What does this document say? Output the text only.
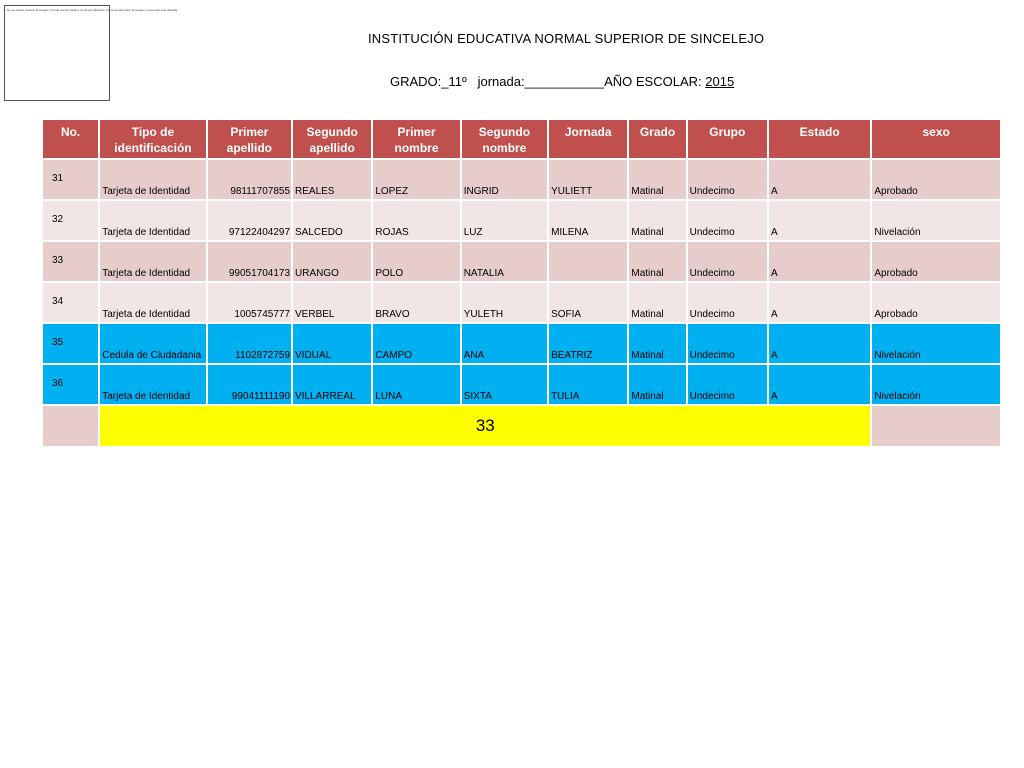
No se puede mostrar la imagen. Puede que su equipo no tenga suficiente memoria para abrir la imagen o que ésta esté dañada.
INSTITUCIÓN EDUCATIVA NORMAL SUPERIOR DE SINCELEJO
GRADO:_11º   jornada:___________AÑO ESCOLAR: 2015
No.	Tipo de identificación	Primer apellido	Segundo apellido	Primer nombre	Segundo nombre	Jornada	Grado	Grupo	Estado	sexo
31	Tarjeta de Identidad	98111707855	REALES	LOPEZ	INGRID	YULIETT	Matinal	Undecimo	A	Aprobado
32	Tarjeta de Identidad	97122404297	SALCEDO	ROJAS	LUZ	MILENA	Matinal	Undecimo	A	Nivelación
33	Tarjeta de Identidad	99051704173	URANGO	POLO	NATALIA		Matinal	Undecimo	A	Aprobado
34	Tarjeta de Identidad	1005745777	VERBEL	BRAVO	YULETH	SOFIA	Matinal	Undecimo	A	Aprobado
35	Cedula de Ciudadania	1102872759	VIDUAL	CAMPO	ANA	BEATRIZ	Matinal	Undecimo	A	Nivelación
36	Tarjeta de Identidad	99041111190	VILLARREAL	LUNA	SIXTA	TULIA	Matinal	Undecimo	A	Nivelación
	33									
